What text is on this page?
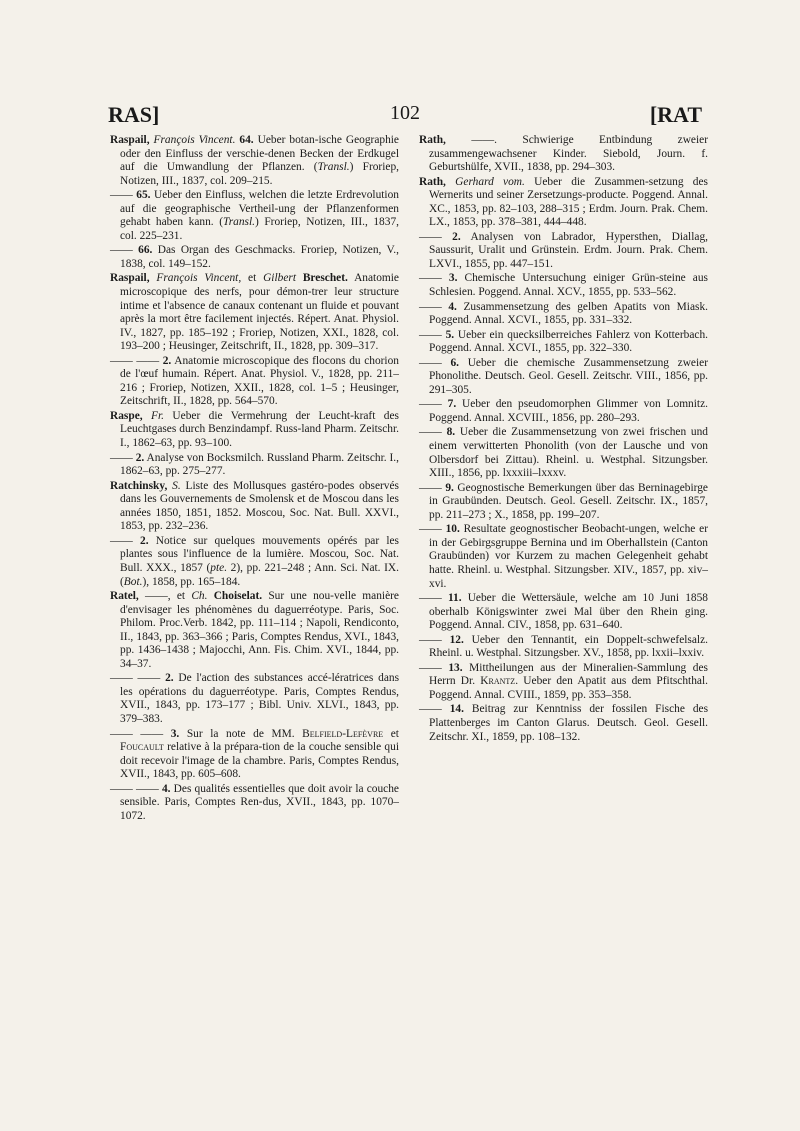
RAS]	102	[RAT

Raspail, François Vincent. 64. Ueber botan-ische Geographie oder den Einfluss der verschie-denen Becken der Erdkugel auf die Umwandlung der Pflanzen. (Transl.) Froriep, Notizen, III., 1837, col. 209–215.

—— 65. Ueber den Einfluss, welchen die letzte Erdrevolution auf die geographische Vertheil-ung der Pflanzenformen gehabt haben kann. (Transl.) Froriep, Notizen, III., 1837, col. 225–231.

—— 66. Das Organ des Geschmacks. Froriep, Notizen, V., 1838, col. 149–152.

Raspail, François Vincent, et Gilbert Breschet. Anatomie microscopique des nerfs, pour démon-trer leur structure intime et l'absence de canaux contenant un fluide et pouvant après la mort être facilement injectés. Répert. Anat. Physiol. IV., 1827, pp. 185–192 ; Froriep, Notizen, XXI., 1828, col. 193–200 ; Heusinger, Zeitschrift, II., 1828, pp. 309–317.

—— —— 2. Anatomie microscopique des flocons du chorion de l'œuf humain. Répert. Anat. Physiol. V., 1828, pp. 211–216 ; Froriep, Notizen, XXII., 1828, col. 1–5 ; Heusinger, Zeitschrift, II., 1828, pp. 564–570.

Raspe, Fr. Ueber die Vermehrung der Leucht-kraft des Leuchtgases durch Benzindampf. Russ-land Pharm. Zeitschr. I., 1862–63, pp. 93–100.

—— 2. Analyse von Bocksmilch. Russland Pharm. Zeitschr. I., 1862–63, pp. 275–277.

Ratchinsky, S. Liste des Mollusques gastéro-podes observés dans les Gouvernements de Smolensk et de Moscou dans les années 1850, 1851, 1852. Moscou, Soc. Nat. Bull. XXVI., 1853, pp. 232–236.

—— 2. Notice sur quelques mouvements opérés par les plantes sous l'influence de la lumière. Moscou, Soc. Nat. Bull. XXX., 1857 (pte. 2), pp. 221–248 ; Ann. Sci. Nat. IX. (Bot.), 1858, pp. 165–184.

Ratel, ——, et Ch. Choiselat. Sur une nou-velle manière d'envisager les phénomènes du daguerréotype. Paris, Soc. Philom. Proc.Verb. 1842, pp. 111–114 ; Napoli, Rendiconto, II., 1843, pp. 363–366 ; Paris, Comptes Rendus, XVI., 1843, pp. 1436–1438 ; Majocchi, Ann. Fis. Chim. XVI., 1844, pp. 34–37.

—— —— 2. De l'action des substances accé-lératrices dans les opérations du daguerréotype. Paris, Comptes Rendus, XVII., 1843, pp. 173–177 ; Bibl. Univ. XLVI., 1843, pp. 379–383.

—— —— 3. Sur la note de MM. Belfield-Lefèvre et Foucault relative à la prépara-tion de la couche sensible qui doit recevoir l'image de la chambre. Paris, Comptes Rendus, XVII., 1843, pp. 605–608.

—— —— 4. Des qualités essentielles que doit avoir la couche sensible. Paris, Comptes Ren-dus, XVII., 1843, pp. 1070–1072.

Rath, ——. Schwierige Entbindung zweier zusammengewachsener Kinder. Siebold, Journ. f. Geburtshülfe, XVII., 1838, pp. 294–303.

Rath, Gerhard vom. Ueber die Zusammen-setzung des Wernerits und seiner Zersetzungs-producte. Poggend. Annal. XC., 1853, pp. 82–103, 288–315 ; Erdm. Journ. Prak. Chem. LX., 1853, pp. 378–381, 444–448.

—— 2. Analysen von Labrador, Hypersthen, Diallag, Saussurit, Uralit und Grünstein. Erdm. Journ. Prak. Chem. LXVI., 1855, pp. 447–151.

—— 3. Chemische Untersuchung einiger Grün-steine aus Schlesien. Poggend. Annal. XCV., 1855, pp. 533–562.

—— 4. Zusammensetzung des gelben Apatits von Miask. Poggend. Annal. XCVI., 1855, pp. 331–332.

—— 5. Ueber ein quecksilberreiches Fahlerz von Kotterbach. Poggend. Annal. XCVI., 1855, pp. 322–330.

—— 6. Ueber die chemische Zusammensetzung zweier Phonolithe. Deutsch. Geol. Gesell. Zeitschr. VIII., 1856, pp. 291–305.

—— 7. Ueber den pseudomorphen Glimmer von Lomnitz. Poggend. Annal. XCVIII., 1856, pp. 280–293.

—— 8. Ueber die Zusammensetzung von zwei frischen und einem verwitterten Phonolith (von der Lausche und von Olbersdorf bei Zittau). Rheinl. u. Westphal. Sitzungsber. XIII., 1856, pp. lxxxiii–lxxxv.

—— 9. Geognostische Bemerkungen über das Berninagebirge in Graubünden. Deutsch. Geol. Gesell. Zeitschr. IX., 1857, pp. 211–273 ; X., 1858, pp. 199–207.

—— 10. Resultate geognostischer Beobacht-ungen, welche er in der Gebirgsgruppe Bernina und im Oberhallstein (Canton Graubünden) vor Kurzem zu machen Gelegenheit gehabt hatte. Rheinl. u. Westphal. Sitzungsber. XIV., 1857, pp. xiv–xvi.

—— 11. Ueber die Wettersäule, welche am 10 Juni 1858 oberhalb Königswinter zwei Mal über den Rhein ging. Poggend. Annal. CIV., 1858, pp. 631–640.

—— 12. Ueber den Tennantit, ein Doppelt-schwefelsalz. Rheinl. u. Westphal. Sitzungsber. XV., 1858, pp. lxxii–lxxiv.

—— 13. Mittheilungen aus der Mineralien-Sammlung des Herrn Dr. Krantz. Ueber den Apatit aus dem Pfitschthal. Poggend. Annal. CVIII., 1859, pp. 353–358.

—— 14. Beitrag zur Kenntniss der fossilen Fische des Plattenberges im Canton Glarus. Deutsch. Geol. Gesell. Zeitschr. XI., 1859, pp. 108–132.
